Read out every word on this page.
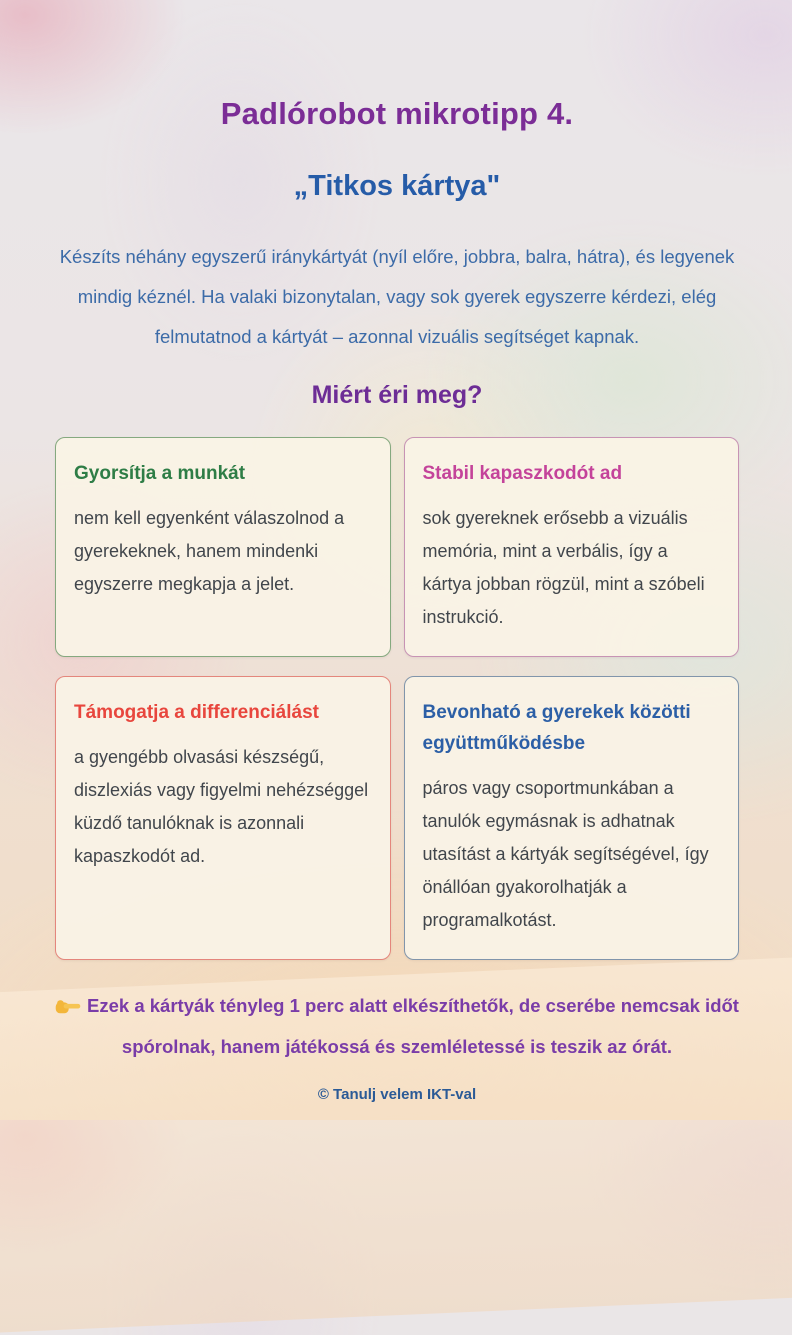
Padlórobot mikrotipp 4.
„Titkos kártya"

Készíts néhány egyszerű iránykártyát (nyíl előre, jobbra, balra, hátra), és legyenek mindig kéznél. Ha valaki bizonytalan, vagy sok gyerek egyszerre kérdezi, elég felmutatnod a kártyát – azonnal vizuális segítséget kapnak.

Miért éri meg?
Gyorsítja a munkát

nem kell egyenként válaszolnod a gyerekeknek, hanem mindenki egyszerre megkapja a jelet.

Stabil kapaszkodót ad

sok gyereknek erősebb a vizuális memória, mint a verbális, így a kártya jobban rögzül, mint a szóbeli instrukció.

Támogatja a differenciálást

a gyengébb olvasási készségű, diszlexiás vagy figyelmi nehézséggel küzdő tanulóknak is azonnali kapaszkodót ad.

Bevonható a gyerekek közötti együttműködésbe

páros vagy csoportmunkában a tanulók egymásnak is adhatnak utasítást a kártyák segítségével, így önállóan gyakorolhatják a programalkotást.

Ezek a kártyák tényleg 1 perc alatt elkészíthetők, de cserébe nemcsak időt spórolnak, hanem játékossá és szemléletessé is teszik az órát.

© Tanulj velem IKT-val
